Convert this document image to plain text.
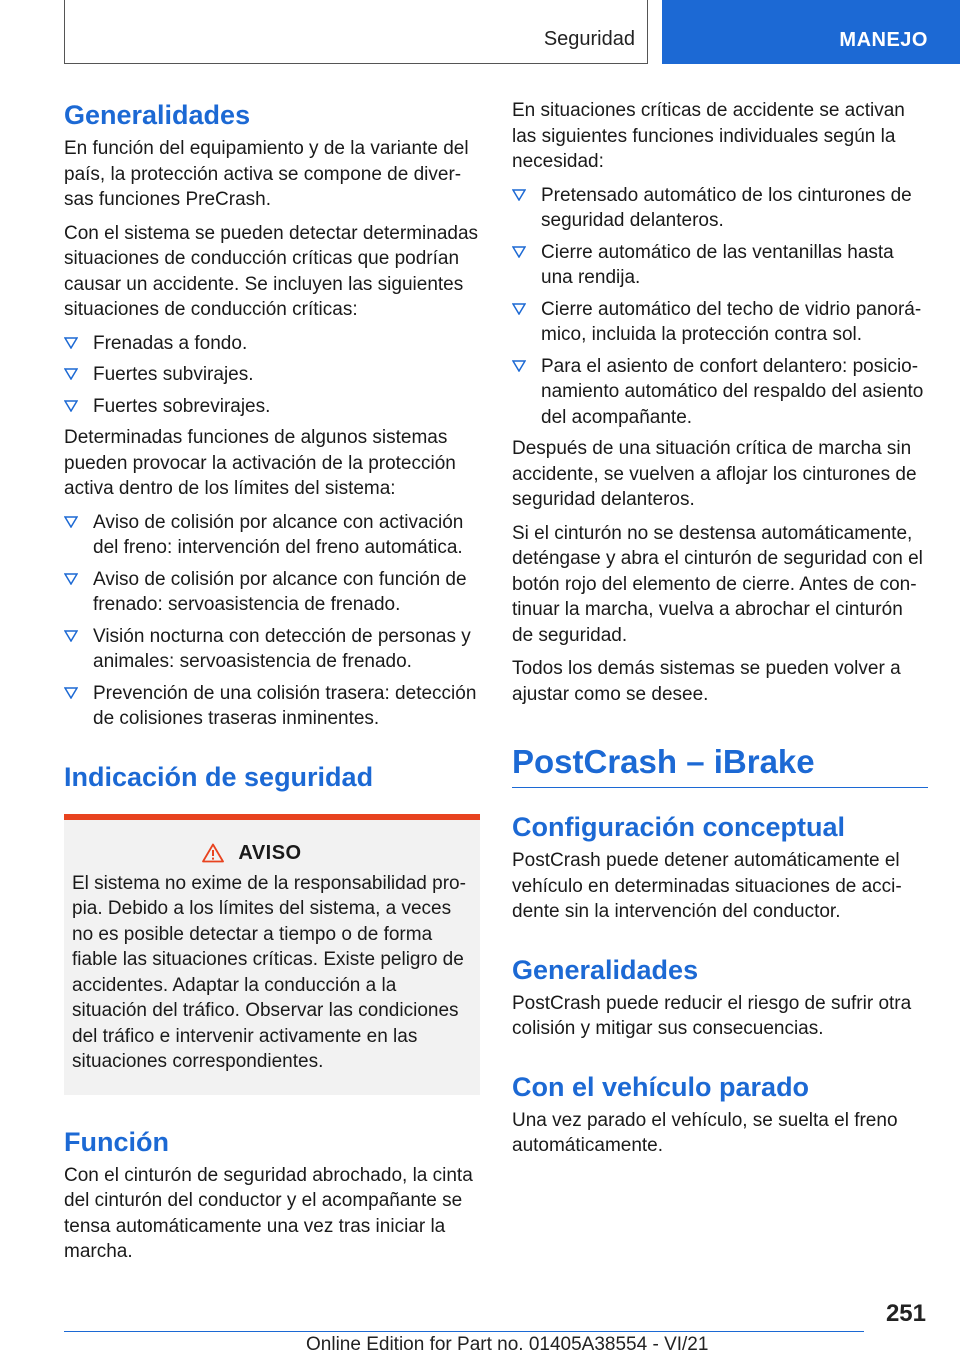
Seguridad	MANEJO
Generalidades

En función del equipamiento y de la variante del país, la protección activa se compone de diversas funciones PreCrash.

Con el sistema se pueden detectar determinadas situaciones de conducción críticas que podrían causar un accidente. Se incluyen las siguientes situaciones de conducción críticas:

Frenadas a fondo.
Fuertes subvirajes.
Fuertes sobrevirajes.

Determinadas funciones de algunos sistemas pueden provocar la activación de la protección activa dentro de los límites del sistema:

Aviso de colisión por alcance con activación del freno: intervención del freno automática.
Aviso de colisión por alcance con función de frenado: servoasistencia de frenado.
Visión nocturna con detección de personas y animales: servoasistencia de frenado.
Prevención de una colisión trasera: detección de colisiones traseras inminentes.
Indicación de seguridad
AVISO

El sistema no exime de la responsabilidad propia. Debido a los límites del sistema, a veces no es posible detectar a tiempo o de forma fiable las situaciones críticas. Existe peligro de accidentes. Adaptar la conducción a la situación del tráfico. Observar las condiciones del tráfico e intervenir activamente en las situaciones correspondientes.

Función

Con el cinturón de seguridad abrochado, la cinta del cinturón del conductor y el acompañante se tensa automáticamente una vez tras iniciar la marcha.

En situaciones críticas de accidente se activan las siguientes funciones individuales según la necesidad:

Pretensado automático de los cinturones de seguridad delanteros.
Cierre automático de las ventanillas hasta una rendija.
Cierre automático del techo de vidrio panorámico, incluida la protección contra sol.
Para el asiento de confort delantero: posicionamiento automático del respaldo del asiento del acompañante.

Después de una situación crítica de marcha sin accidente, se vuelven a aflojar los cinturones de seguridad delanteros.

Si el cinturón no se destensa automáticamente, deténgase y abra el cinturón de seguridad con el botón rojo del elemento de cierre. Antes de continuar la marcha, vuelva a abrochar el cinturón de seguridad.

Todos los demás sistemas se pueden volver a ajustar como se desee.

PostCrash – iBrake
Configuración conceptual

PostCrash puede detener automáticamente el vehículo en determinadas situaciones de accidente sin la intervención del conductor.

Generalidades

PostCrash puede reducir el riesgo de sufrir otra colisión y mitigar sus consecuencias.

Con el vehículo parado

Una vez parado el vehículo, se suelta el freno automáticamente.

251
Online Edition for Part no. 01405A38554 - VI/21
